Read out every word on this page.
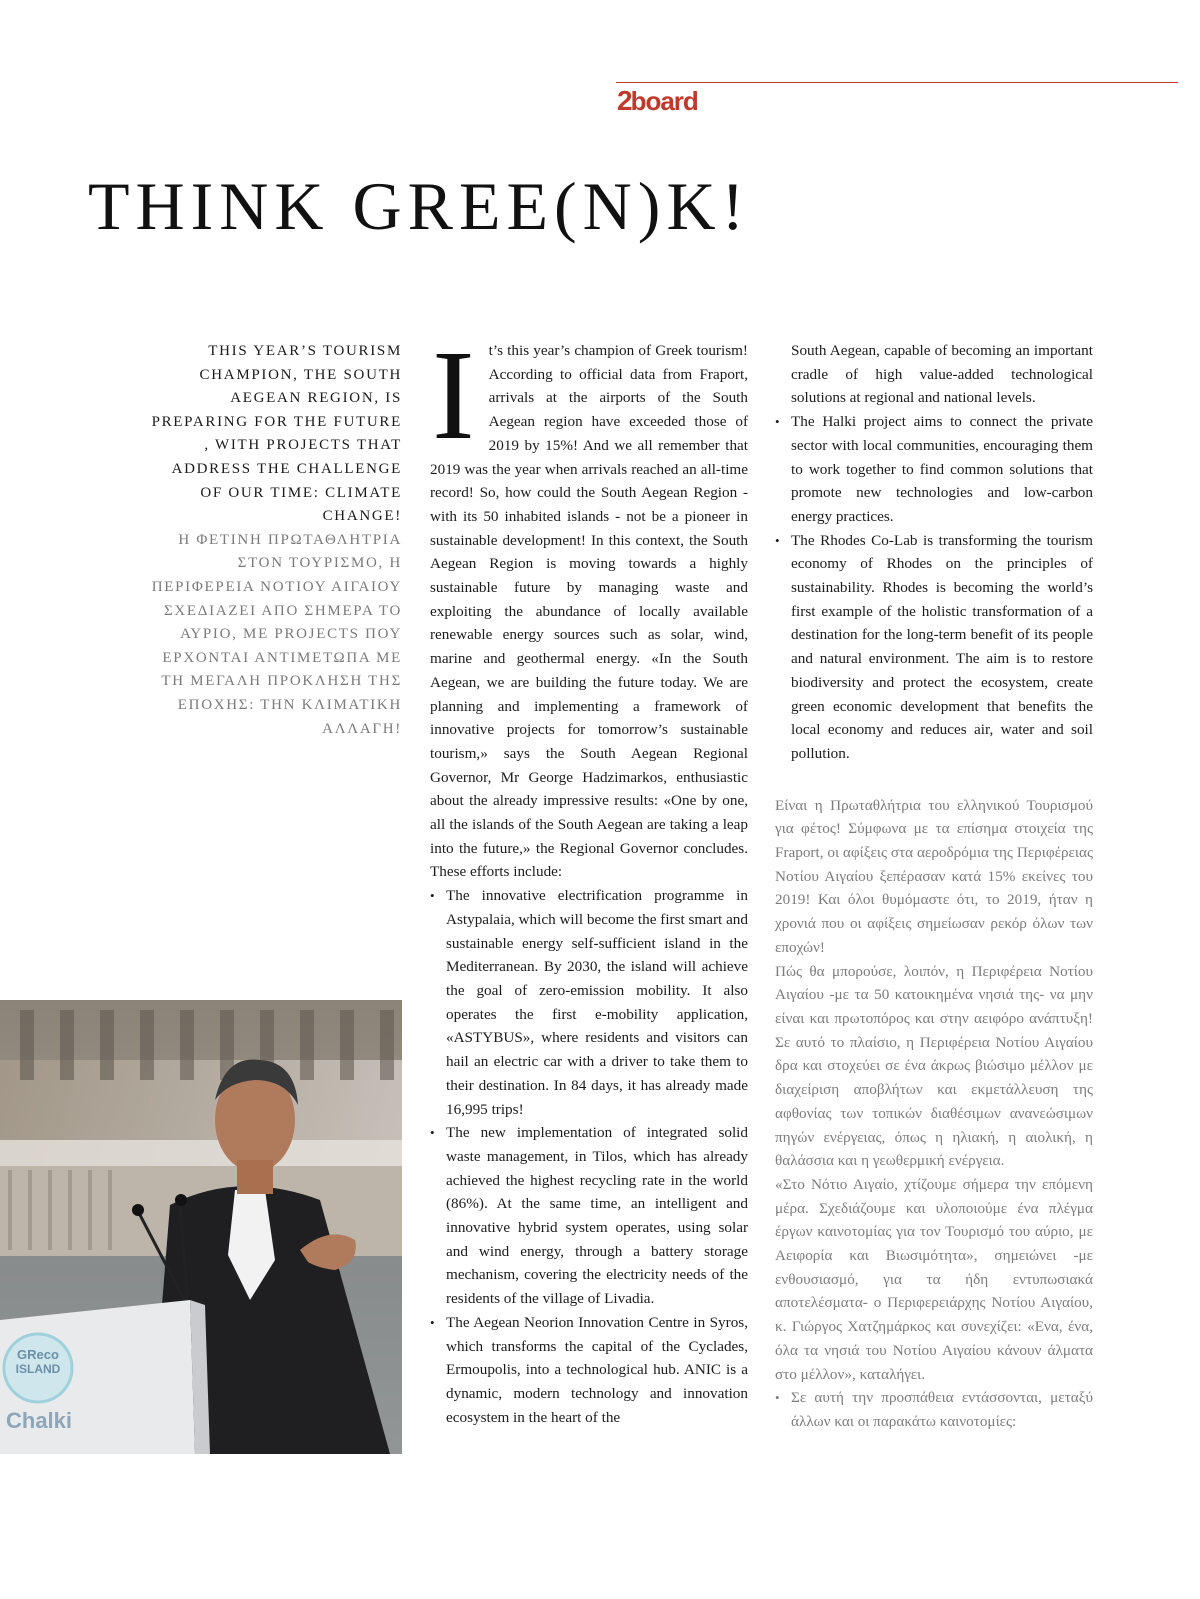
2 board
THINK GREE(N)K!
THIS YEAR’S TOURISM CHAMPION, THE SOUTH AEGEAN REGION, IS PREPARING FOR THE FUTURE , WITH PROJECTS THAT ADDRESS THE CHALLENGE OF OUR TIME: CLIMATE CHANGE!
Η ΦΕΤΙΝΗ ΠΡΩΤΑΘΛΗΤΡΙΑ ΣΤΟΝ ΤΟΥΡΙΣΜΟ, Η ΠΕΡΙΦΕΡΕΙΑ ΝΟΤΙΟΥ ΑΙΓΑΙΟΥ ΣΧΕΔΙΑΖΕΙ ΑΠΟ ΣΗΜΕΡΑ ΤΟ ΑΥΡΙΟ, ΜΕ PROJECTS ΠΟΥ ΕΡΧΟΝΤΑΙ ΑΝΤΙΜΕΤΩΠΑ ΜΕ ΤΗ ΜΕΓΑΛΗ ΠΡΟΚΛΗΣΗ ΤΗΣ ΕΠΟΧΗΣ: ΤΗΝ ΚΛΙΜΑΤΙΚΗ ΑΛΛΑΓΗ!
GReco
ISLAND
Chalki
I t’s this year’s champion of Greek tourism! According to official data from Fraport, arrivals at the airports of the South Aegean region have exceeded those of 2019 by 15%! And we all remember that 2019 was the year when arrivals reached an all-time record! So, how could the South Aegean Region - with its 50 inhabited islands - not be a pioneer in sustainable development! In this context, the South Aegean Region is moving towards a highly sustainable future by managing waste and exploiting the abundance of locally available renewable energy sources such as solar, wind, marine and geothermal energy. «In the South Aegean, we are building the future today. We are planning and implementing a framework of innovative projects for tomorrow’s sustainable tourism,» says the South Aegean Regional Governor, Mr George Hadzimarkos, enthusiastic about the already impressive results: «One by one, all the islands of the South Aegean are taking a leap into the future,» the Regional Governor concludes. These efforts include:

• The innovative electrification programme in Astypalaia, which will become the first smart and sustainable energy self-sufficient island in the Mediterranean. By 2030, the island will achieve the goal of zero-emission mobility. It also operates the first e-mobility application, «ASTYBUS», where residents and visitors can hail an electric car with a driver to take them to their destination. In 84 days, it has already made 16,995 trips!
• The new implementation of integrated solid waste management, in Tilos, which has already achieved the highest recycling rate in the world (86%). At the same time, an intelligent and innovative hybrid system operates, using solar and wind energy, through a battery storage mechanism, covering the electricity needs of the residents of the village of Livadia.
• The Aegean Neorion Innovation Centre in Syros, which transforms the capital of the Cyclades, Ermoupolis, into a technological hub. ANIC is a dynamic, modern technology and innovation ecosystem in the heart of the

South Aegean, capable of becoming an important cradle of high value-added technological solutions at regional and national levels.

• The Halki project aims to connect the private sector with local communities, encouraging them to work together to find common solutions that promote new technologies and low-carbon energy practices.
• The Rhodes Co-Lab is transforming the tourism economy of Rhodes on the principles of sustainability. Rhodes is becoming the world’s first example of the holistic transformation of a destination for the long-term benefit of its people and natural environment. The aim is to restore biodiversity and protect the ecosystem, create green economic development that benefits the local economy and reduces air, water and soil pollution.

Είναι η Πρωταθλήτρια του ελληνικού Τουρισμού για φέτος! Σύμφωνα με τα επίσημα στοιχεία της Fraport, οι αφίξεις στα αεροδρόμια της Περιφέρειας Νοτίου Αιγαίου ξεπέρασαν κατά 15% εκείνες του 2019! Και όλοι θυμόμαστε ότι, το 2019, ήταν η χρονιά που οι αφίξεις σημείωσαν ρεκόρ όλων των εποχών!

Πώς θα μπορούσε, λοιπόν, η Περιφέρεια Νοτίου Αιγαίου -με τα 50 κατοικημένα νησιά της- να μην είναι και πρωτοπόρος και στην αειφόρο ανάπτυξη! Σε αυτό το πλαίσιο, η Περιφέρεια Νοτίου Αιγαίου δρα και στοχεύει σε ένα άκρως βιώσιμο μέλλον με διαχείριση αποβλήτων και εκμετάλλευση της αφθονίας των τοπικών διαθέσιμων ανανεώσιμων πηγών ενέργειας, όπως η ηλιακή, η αιολική, η θαλάσσια και η γεωθερμική ενέργεια.

«Στο Νότιο Αιγαίο, χτίζουμε σήμερα την επόμενη μέρα. Σχεδιάζουμε και υλοποιούμε ένα πλέγμα έργων καινοτομίας για τον Τουρισμό του αύριο, με Αειφορία και Βιωσιμότητα», σημειώνει -με ενθουσιασμό, για τα ήδη εντυπωσιακά αποτελέσματα- ο Περιφερειάρχης Νοτίου Αιγαίου, κ. Γιώργος Χατζημάρκος και συνεχίζει: «Ενα, ένα, όλα τα νησιά του Νοτίου Αιγαίου κάνουν άλματα στο μέλλον», καταλήγει.

• Σε αυτή την προσπάθεια εντάσσονται, μεταξύ άλλων και οι παρακάτω καινοτομίες:
